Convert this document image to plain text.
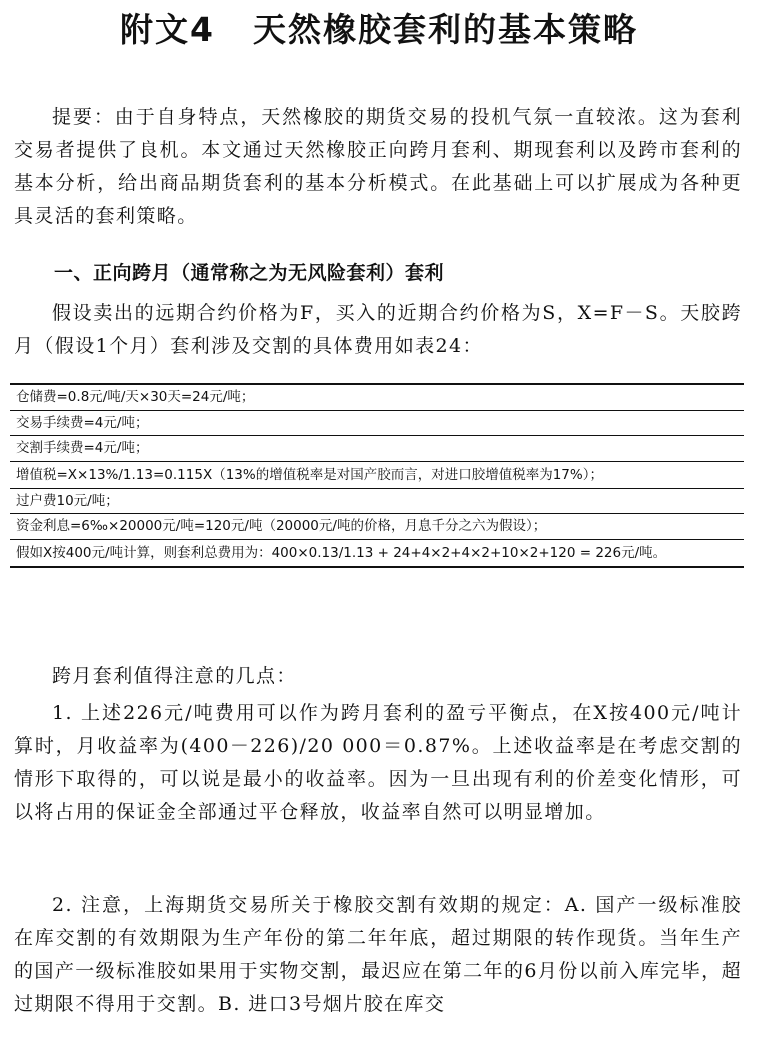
附文4 天然橡胶套利的基本策略

提要：由于自身特点，天然橡胶的期货交易的投机气氛一直较浓。这为套利交易者提供了良机。本文通过天然橡胶正向跨月套利、期现套利以及跨市套利的基本分析，给出商品期货套利的基本分析模式。在此基础上可以扩展成为各种更具灵活的套利策略。

一、正向跨月（通常称之为无风险套利）套利

假设卖出的远期合约价格为F，买入的近期合约价格为S，X=F－S。天胶跨月（假设1个月）套利涉及交割的具体费用如表24：

仓储费=0.8元/吨/天×30天=24元/吨；
交易手续费=4元/吨；
交割手续费=4元/吨；
增值税=X×13%/1.13=0.115X（13%的增值税率是对国产胶而言，对进口胶增值税率为17%）；
过户费10元/吨；
资金利息=6‰×20000元/吨=120元/吨（20000元/吨的价格，月息千分之六为假设）；
假如X按400元/吨计算，则套利总费用为：400×0.13/1.13 + 24+4×2+4×2+10×2+120 = 226元/吨。

跨月套利值得注意的几点：

1. 上述226元/吨费用可以作为跨月套利的盈亏平衡点，在X按400元/吨计算时，月收益率为(400－226)/20 000＝0.87%。上述收益率是在考虑交割的情形下取得的，可以说是最小的收益率。因为一旦出现有利的价差变化情形，可以将占用的保证金全部通过平仓释放，收益率自然可以明显增加。

2. 注意，上海期货交易所关于橡胶交割有效期的规定：A. 国产一级标准胶在库交割的有效期限为生产年份的第二年年底，超过期限的转作现货。当年生产的国产一级标准胶如果用于实物交割，最迟应在第二年的6月份以前入库完毕，超过期限不得用于交割。B. 进口3号烟片胶在库交
